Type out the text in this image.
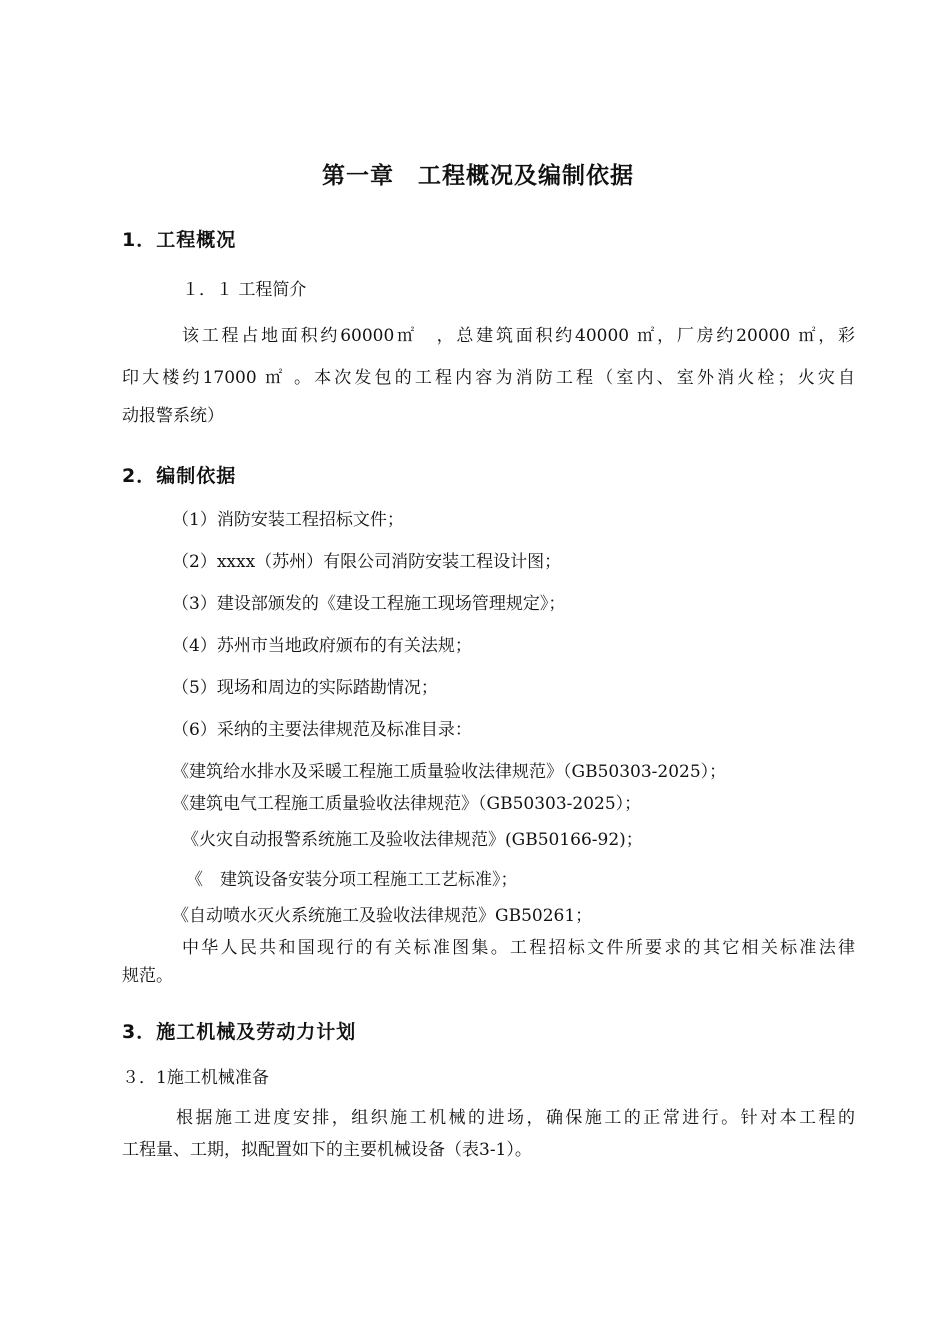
第一章　工程概况及编制依据
1．工程概况
１．１ 工程简介
该工程占地面积约60000㎡　，总建筑面积约40000 ㎡，厂房约20000 ㎡，彩
印大楼约17000 ㎡ 。本次发包的工程内容为消防工程（室内、室外消火栓；火灾自
动报警系统）
2．编制依据
（1）消防安装工程招标文件；
（2）xxxx（苏州）有限公司消防安装工程设计图；
（3）建设部颁发的《建设工程施工现场管理规定》；
（4）苏州市当地政府颁布的有关法规；
（5）现场和周边的实际踏勘情况；
（6）采纳的主要法律规范及标准目录：
《建筑给水排水及采暖工程施工质量验收法律规范》（GB50303-2025）；
《建筑电气工程施工质量验收法律规范》（GB50303-2025）；
《火灾自动报警系统施工及验收法律规范》(GB50166-92)；
《　建筑设备安装分项工程施工工艺标准》；
《自动喷水灭火系统施工及验收法律规范》GB50261；
中华人民共和国现行的有关标准图集。工程招标文件所要求的其它相关标准法律
规范。
3．施工机械及劳动力计划
３．1施工机械准备
根据施工进度安排，组织施工机械的进场，确保施工的正常进行。针对本工程的
工程量、工期，拟配置如下的主要机械设备（表3-1）。
